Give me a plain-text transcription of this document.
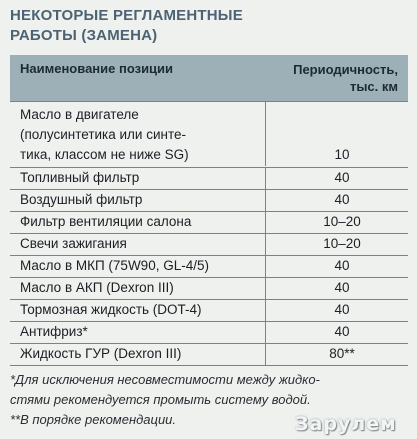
НЕКОТОРЫЕ РЕГЛАМЕНТНЫЕ
РАБОТЫ (ЗАМЕНА)
Наименование позиции	Периодичность,
тыс. км
Масло в двигателе
(полусинтетика или синте-
тика, классом не ниже SG)	10
Топливный фильтр	40
Воздушный фильтр	40
Фильтр вентиляции салона	10–20
Свечи зажигания	10–20
Масло в МКП (75W90, GL-4/5)	40
Масло в АКП (Dexron III)	40
Тормозная жидкость (DOT-4)	40
Антифриз*	40
Жидкость ГУР (Dexron III)	80**
*Для исключения несовместимости между жидко-
стями рекомендуется промыть систему водой.
**В порядке рекомендации.	Зарулем
